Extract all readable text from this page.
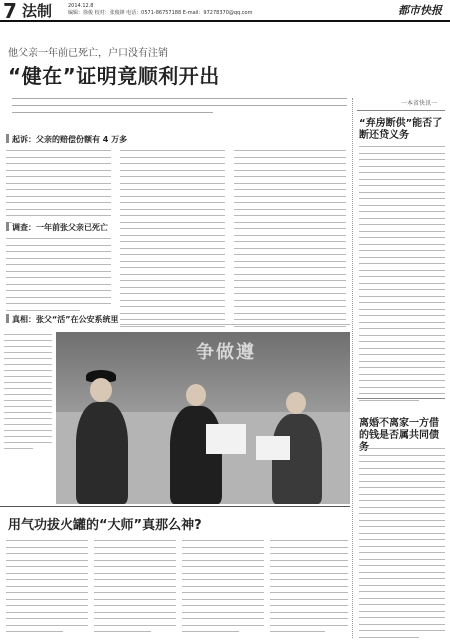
7 法制	2014.12.8
编辑：徐俊 校对：张俊锋 电话：0571-86757188 E-mail：97278370@qq.com	都市快报
他父亲一年前已死亡，户口没有注销
“健在”证明竟顺利开出
起诉：父亲的赔偿份额有 4 万多
调查：一年前张父亲已死亡
真相：张父“活”在公安系统里
争做遵
用气功拔火罐的“大师”真那么神?
一本省快讯一
“弃房断供”能否了断还贷义务
离婚不离家一方借的钱是否属共同债
